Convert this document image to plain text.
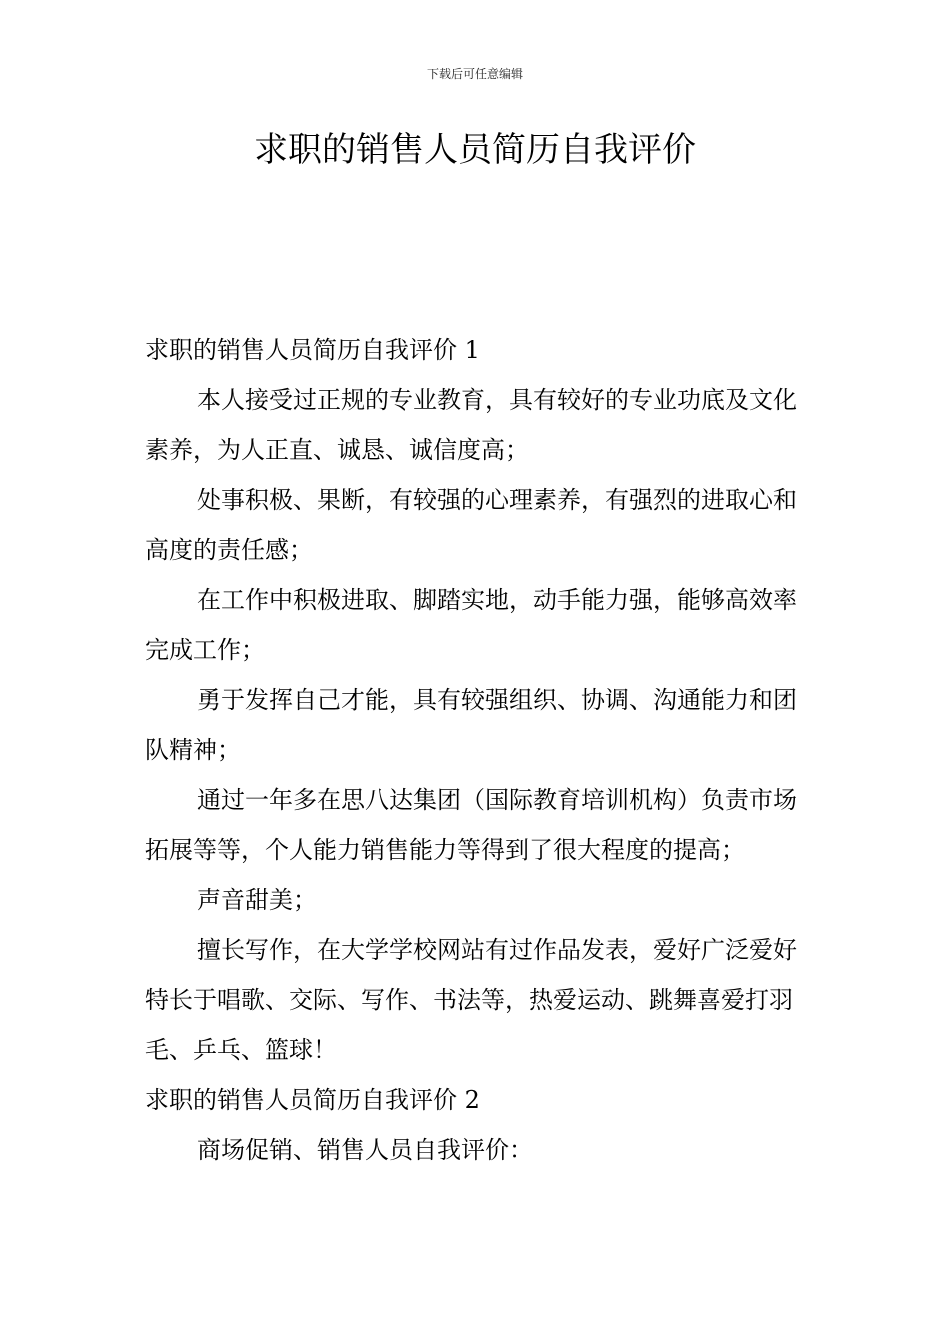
下载后可任意编辑
求职的销售人员简历自我评价

求职的销售人员简历自我评价 1

本人接受过正规的专业教育，具有较好的专业功底及文化素养，为人正直、诚恳、诚信度高；

处事积极、果断，有较强的心理素养，有强烈的进取心和高度的责任感；

在工作中积极进取、脚踏实地，动手能力强，能够高效率完成工作；

勇于发挥自己才能，具有较强组织、协调、沟通能力和团队精神；

通过一年多在思八达集团（国际教育培训机构）负责市场拓展等等，个人能力销售能力等得到了很大程度的提高；

声音甜美；

擅长写作，在大学学校网站有过作品发表，爱好广泛爱好特长于唱歌、交际、写作、书法等，热爱运动、跳舞喜爱打羽毛、乒乓、篮球！

求职的销售人员简历自我评价 2

商场促销、销售人员自我评价：
